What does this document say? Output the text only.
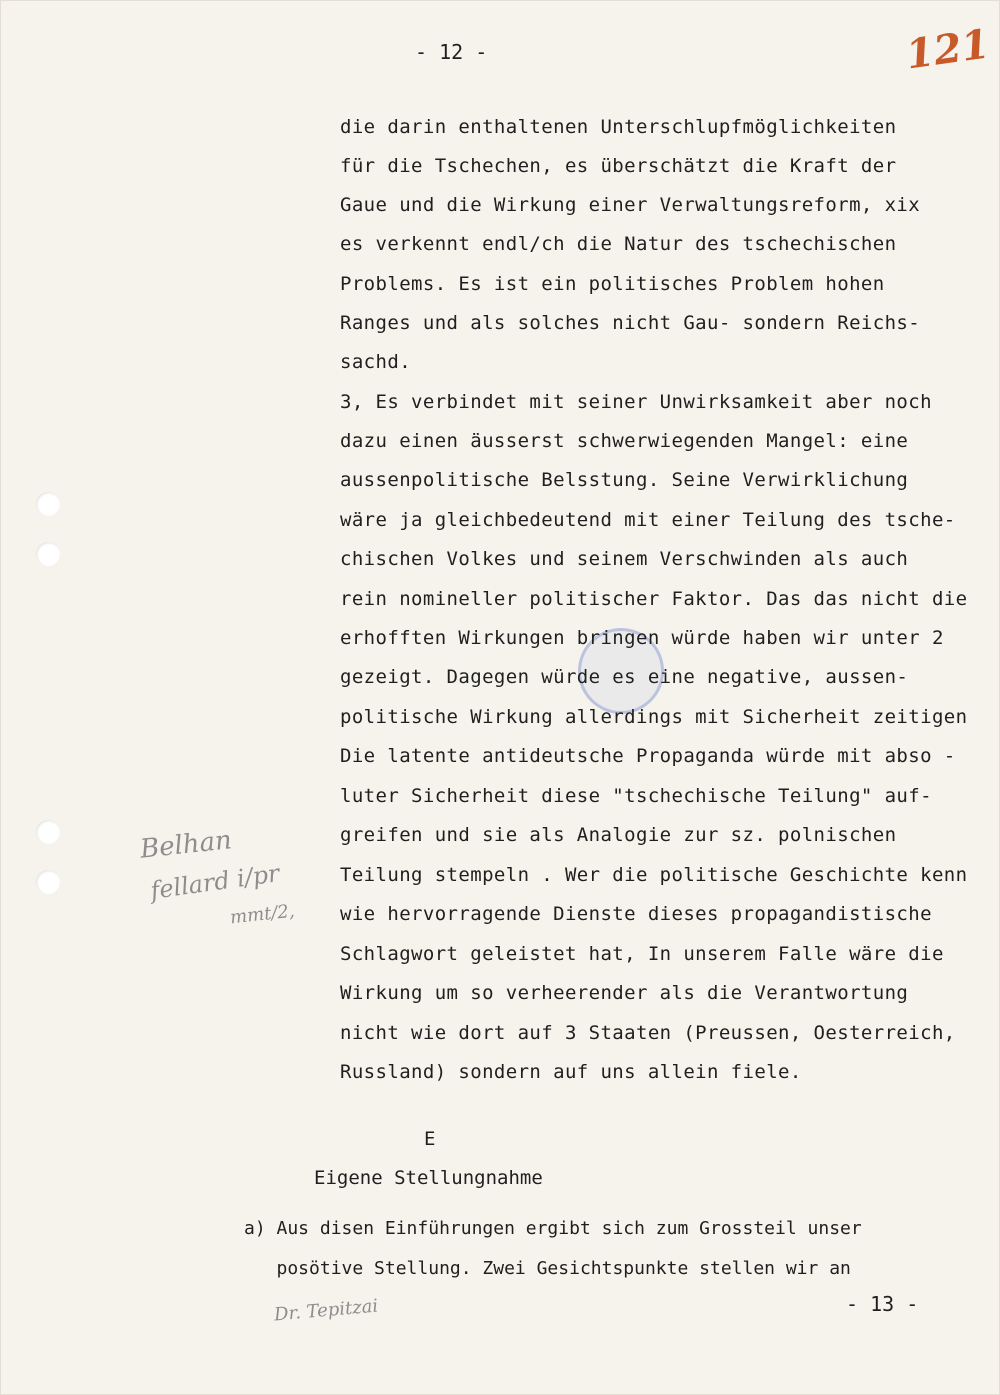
- 12 -	121

die darin enthaltenen Unterschlupfmöglichkeiten

für die Tschechen, es überschätzt die Kraft der

Gaue und die Wirkung einer Verwaltungsreform, xix

es verkennt endl/ch die Natur des tschechischen

Problems. Es ist ein politisches Problem hohen

Ranges und als solches nicht Gau- sondern Reichs-

sachd.

3, Es verbindet mit seiner Unwirksamkeit aber noch

dazu einen äusserst schwerwiegenden Mangel: eine

aussenpolitische Belsstung. Seine Verwirklichung

wäre ja gleichbedeutend mit einer Teilung des tsche-

chischen Volkes und seinem Verschwinden als auch

rein nomineller politischer Faktor. Das das nicht die

erhofften Wirkungen bringen würde haben wir unter 2

gezeigt. Dagegen würde es eine negative, aussen-

politische Wirkung allerdings mit Sicherheit zeitigen

Die latente antideutsche Propaganda würde mit abso -

luter Sicherheit diese "tschechische Teilung" auf-

greifen und sie als Analogie zur sz. polnischen

Teilung stempeln . Wer die politische Geschichte kenn

wie hervorragende Dienste dieses propagandistische

Schlagwort geleistet hat, In unserem Falle wäre die

Wirkung um so verheerender als die Verantwortung

nicht wie dort auf 3 Staaten (Preussen, Oesterreich,

Russland) sondern auf uns allein fiele.

E
Eigene Stellungnahme
a) Aus disen Einführungen ergibt sich zum Grossteil unser
posötive Stellung. Zwei Gesichtspunkte stellen wir an
- 13 -
Belhan
fellard i/pr
mmt/2,
Dr. Tepitzai
